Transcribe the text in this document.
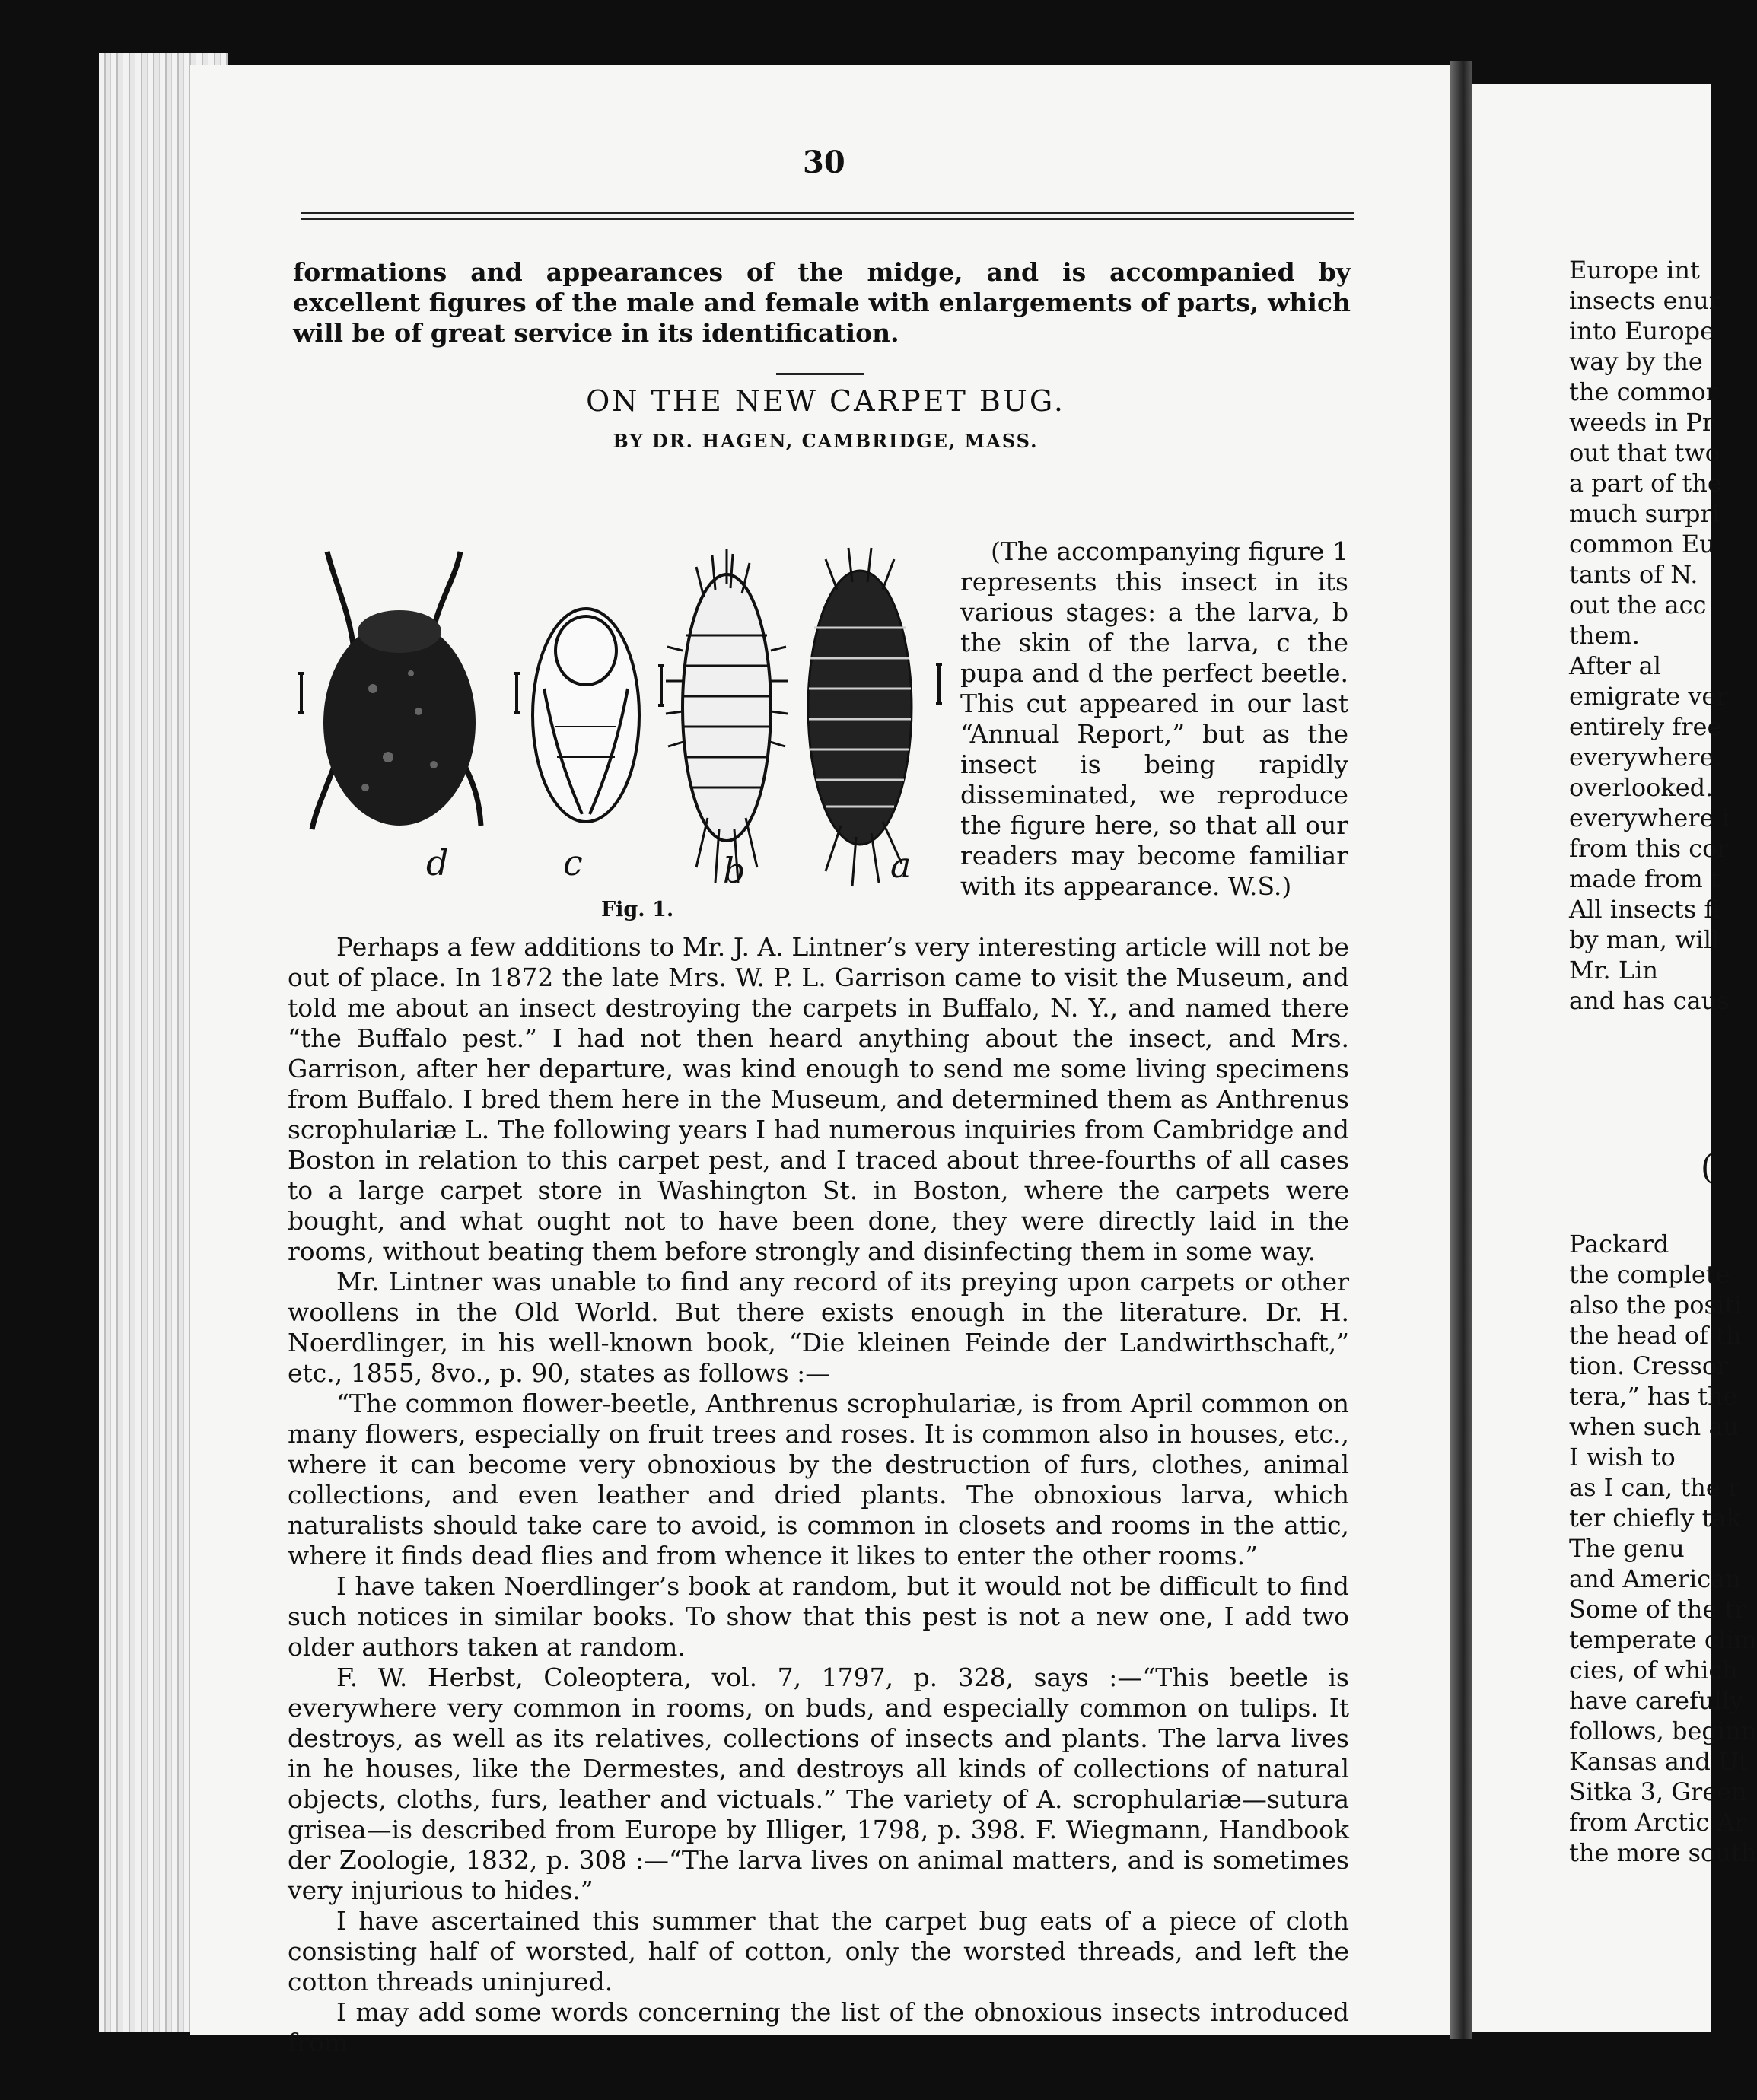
30

formations and appearances of the midge, and is accompanied by excellent figures of the male and female with enlargements of parts, which will be of great service in its identification.

ON THE NEW CARPET BUG.
BY DR. HAGEN, CAMBRIDGE, MASS.
d	c	b	a
Fig. 1.

(The accompanying figure 1 represents this insect in its various stages: a the larva, b the skin of the larva, c the pupa and d the perfect beetle. This cut appeared in our last “Annual Report,” but as the insect is being rapidly disseminated, we reproduce the figure here, so that all our readers may become familiar with its appearance. W.S.)

Perhaps a few additions to Mr. J. A. Lintner’s very interesting article will not be out of place. In 1872 the late Mrs. W. P. L. Garrison came to visit the Museum, and told me about an insect destroying the carpets in Buffalo, N. Y., and named there “the Buffalo pest.” I had not then heard anything about the insect, and Mrs. Garrison, after her departure, was kind enough to send me some living specimens from Buffalo. I bred them here in the Museum, and determined them as Anthrenus scrophulariæ L. The following years I had numerous inquiries from Cambridge and Boston in relation to this carpet pest, and I traced about three-fourths of all cases to a large carpet store in Washington St. in Boston, where the carpets were bought, and what ought not to have been done, they were directly laid in the rooms, without beating them before strongly and disinfecting them in some way.

Mr. Lintner was unable to find any record of its preying upon carpets or other woollens in the Old World. But there exists enough in the literature. Dr. H. Noerdlinger, in his well-known book, “Die kleinen Feinde der Landwirthschaft,” etc., 1855, 8vo., p. 90, states as follows :—

“The common flower-beetle, Anthrenus scrophulariæ, is from April common on many flowers, especially on fruit trees and roses. It is common also in houses, etc., where it can become very obnoxious by the destruction of furs, clothes, animal collections, and even leather and dried plants. The obnoxious larva, which naturalists should take care to avoid, is common in closets and rooms in the attic, where it finds dead flies and from whence it likes to enter the other rooms.”

I have taken Noerdlinger’s book at random, but it would not be difficult to find such notices in similar books. To show that this pest is not a new one, I add two older authors taken at random.

F. W. Herbst, Coleoptera, vol. 7, 1797, p. 328, says :—“This beetle is everywhere very common in rooms, on buds, and especially common on tulips. It destroys, as well as its relatives, collections of insects and plants. The larva lives in he houses, like the Dermestes, and destroys all kinds of collections of natural objects, cloths, furs, leather and victuals.” The variety of A. scrophulariæ—sutura grisea—is described from Europe by Illiger, 1798, p. 398. F. Wiegmann, Handbook der Zoologie, 1832, p. 308 :—“The larva lives on animal matters, and is sometimes very injurious to hides.”

I have ascertained this summer that the carpet bug eats of a piece of cloth consisting half of worsted, half of cotton, only the worsted threads, and left the cotton threads uninjured.

I may add some words concerning the list of the obnoxious insects introduced from

Europe int
insects enur
into Europe
way by the
the commor
weeds in Pr
out that two
a part of the
much surpri
common Eu
tants of N.
out the acc
them.
After al
emigrate ver
entirely free
everywhere.
overlooked.
everywhere i
from this cor
made from t
All insects fi
by man, will
Mr. Lin
and has caus
(
Packard
the complete
also the positi
the head of th
tion. Cressor
tera,” has the
when such au
I wish to
as I can, the r
ter chiefly tak
The genu
and American
Some of the tr
temperate clim
cies, of which
have carefully
follows, beginn
Kansas and Ut
Sitka 3, Green
from Arctic Ar
the more south
